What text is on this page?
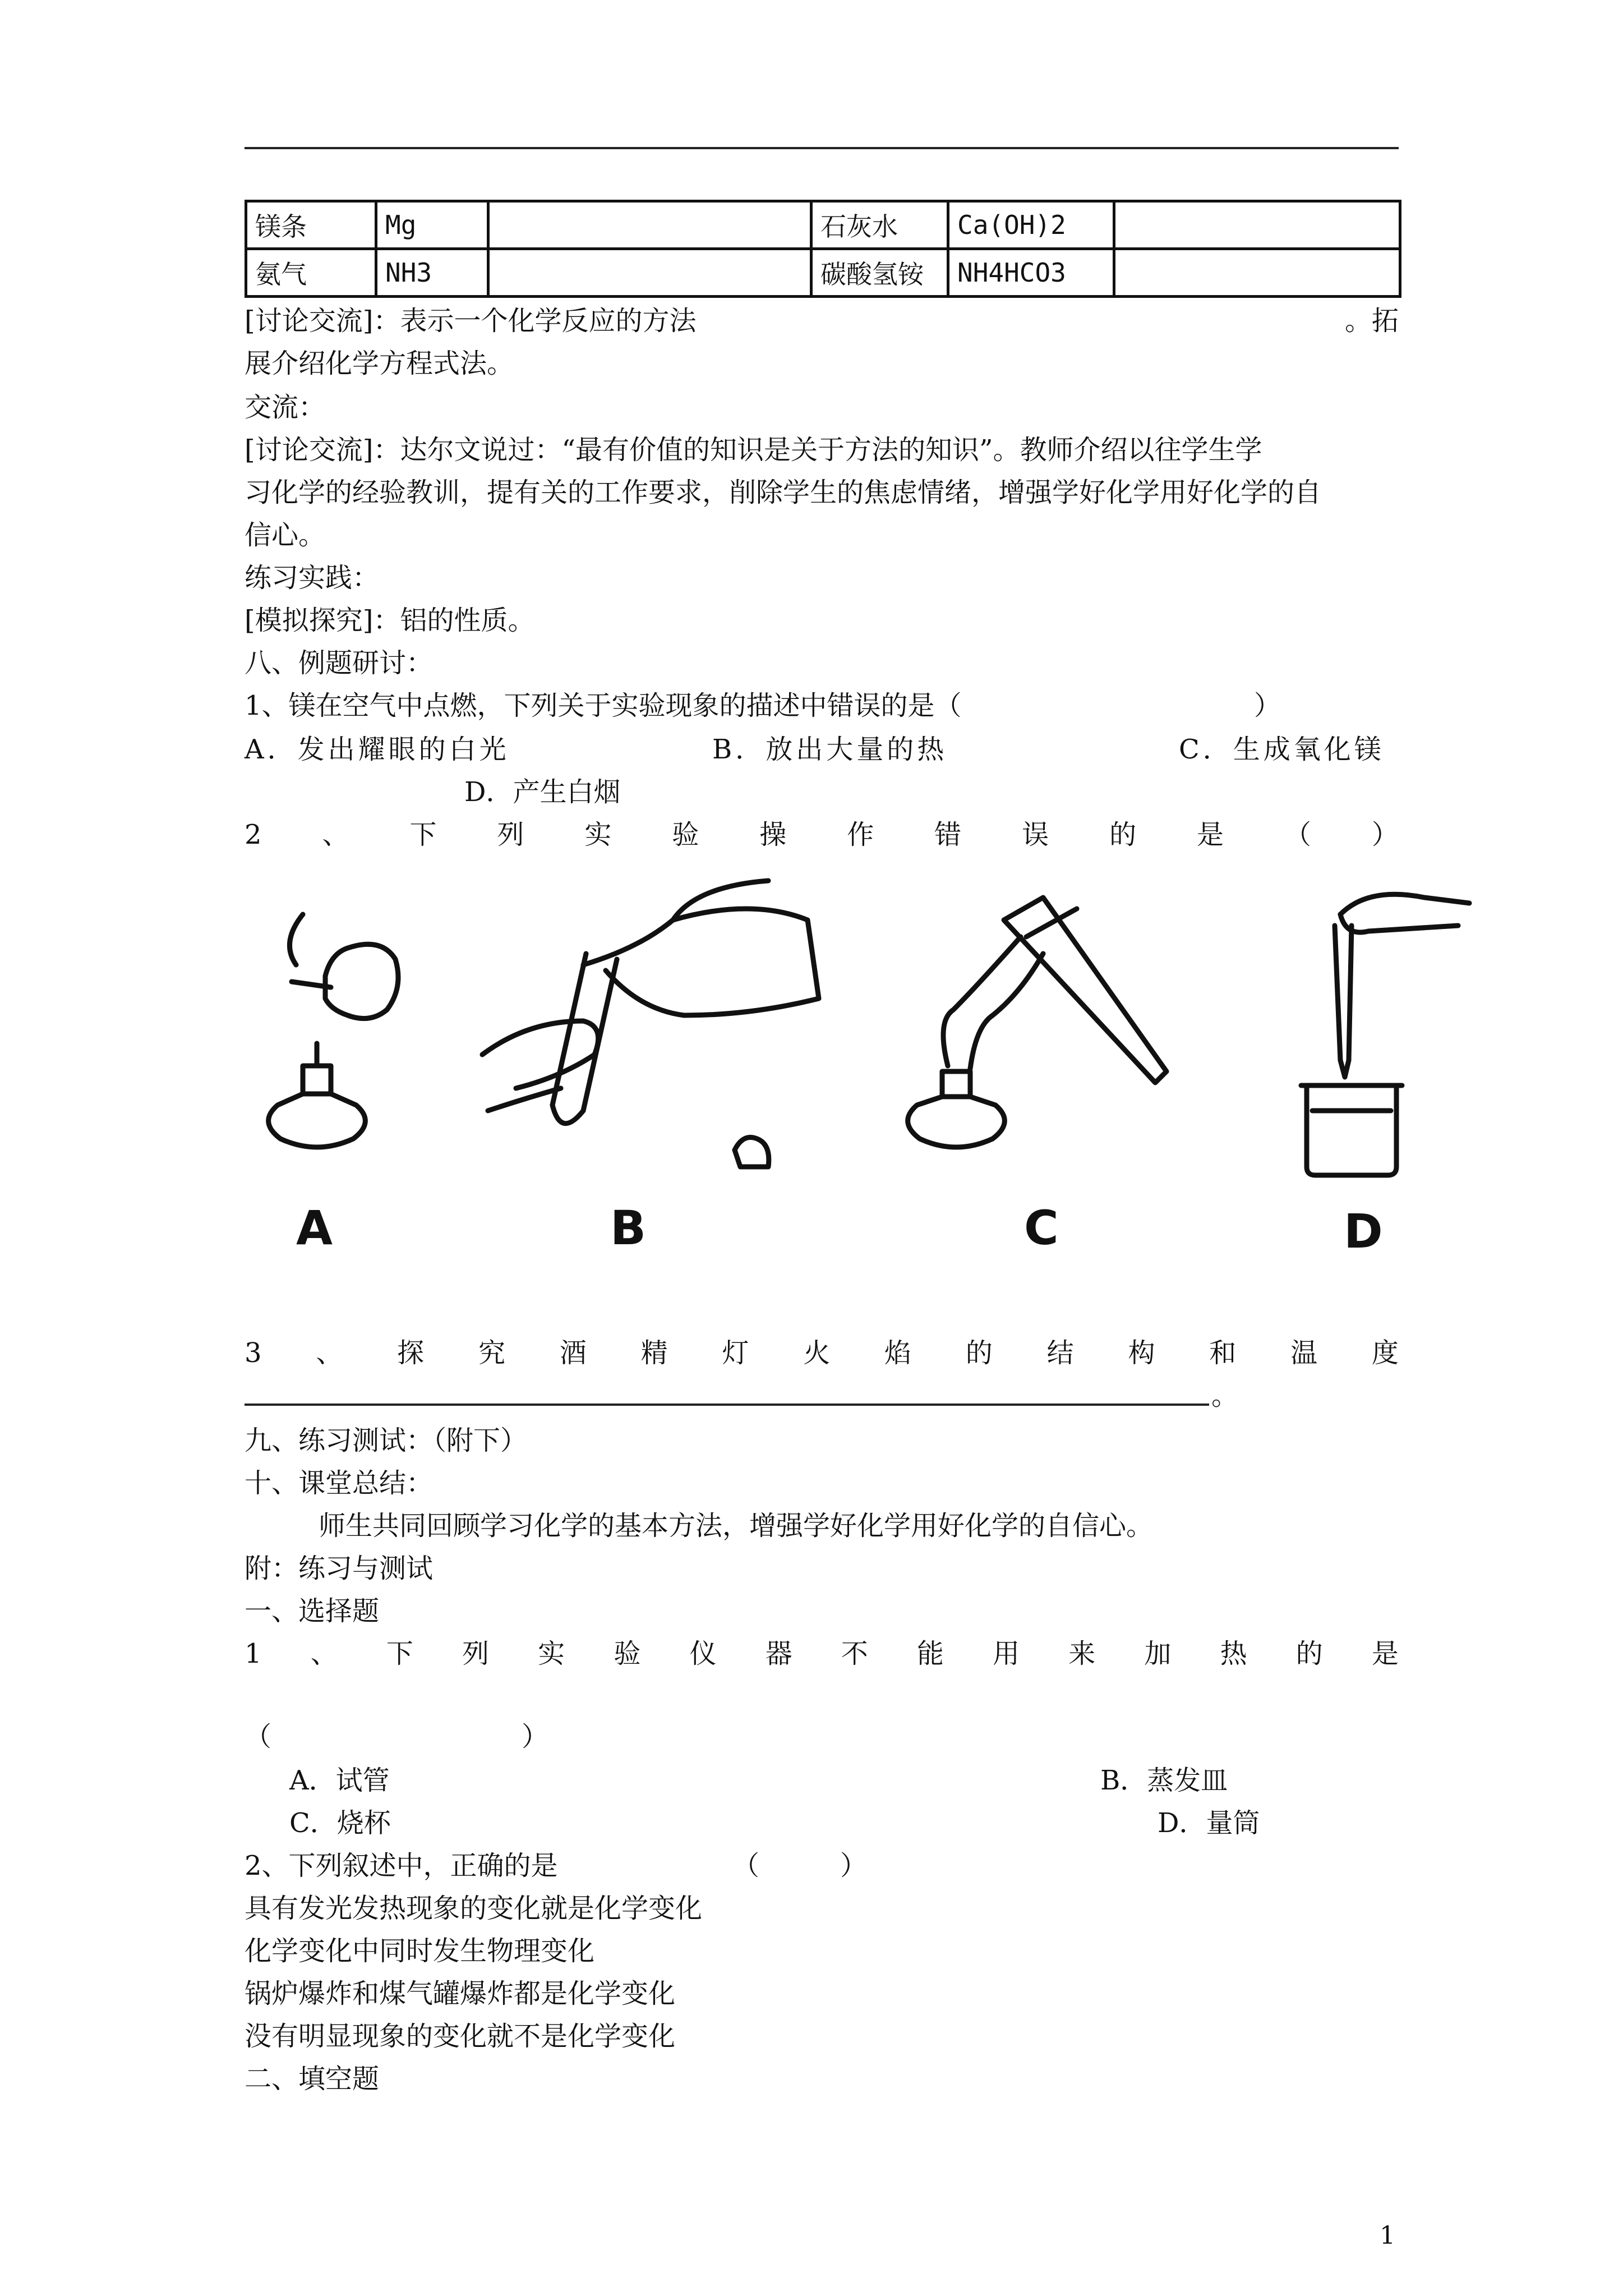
镁条	Mg		石灰水	Ca(OH)2	
氨气	NH3		碳酸氢铵	NH4HCO3	
[讨论交流]：表示一个化学反应的方法	。拓
展介绍化学方程式法。
交流：
[讨论交流]：达尔文说过：“最有价值的知识是关于方法的知识”。教师介绍以往学生学
习化学的经验教训，提有关的工作要求，削除学生的焦虑情绪，增强学好化学用好化学的自
信心。
练习实践：
[模拟探究]：铝的性质。
八、例题研讨：
1、镁在空气中点燃，下列关于实验现象的描述中错误的是（	）
A．发出耀眼的白光	B．放出大量的热	C．生成氧化镁
D．产生白烟
2 、 下 列 实 验 操 作 错 误 的 是 （ ）
A	B	C	D
3 、 探 究 酒 精 灯 火 焰 的 结 构 和 温 度
。
九、练习测试：（附下）
十、课堂总结：
师生共同回顾学习化学的基本方法，增强学好化学用好化学的自信心。
附：练习与测试
一、选择题
1 、 下 列 实 验 仪 器 不 能 用 来 加 热 的 是
（	）
A．试管	B．蒸发皿
C．烧杯	D．量筒
2、下列叙述中，正确的是	（　　　）
具有发光发热现象的变化就是化学变化
化学变化中同时发生物理变化
锅炉爆炸和煤气罐爆炸都是化学变化
没有明显现象的变化就不是化学变化
二、填空题
1
